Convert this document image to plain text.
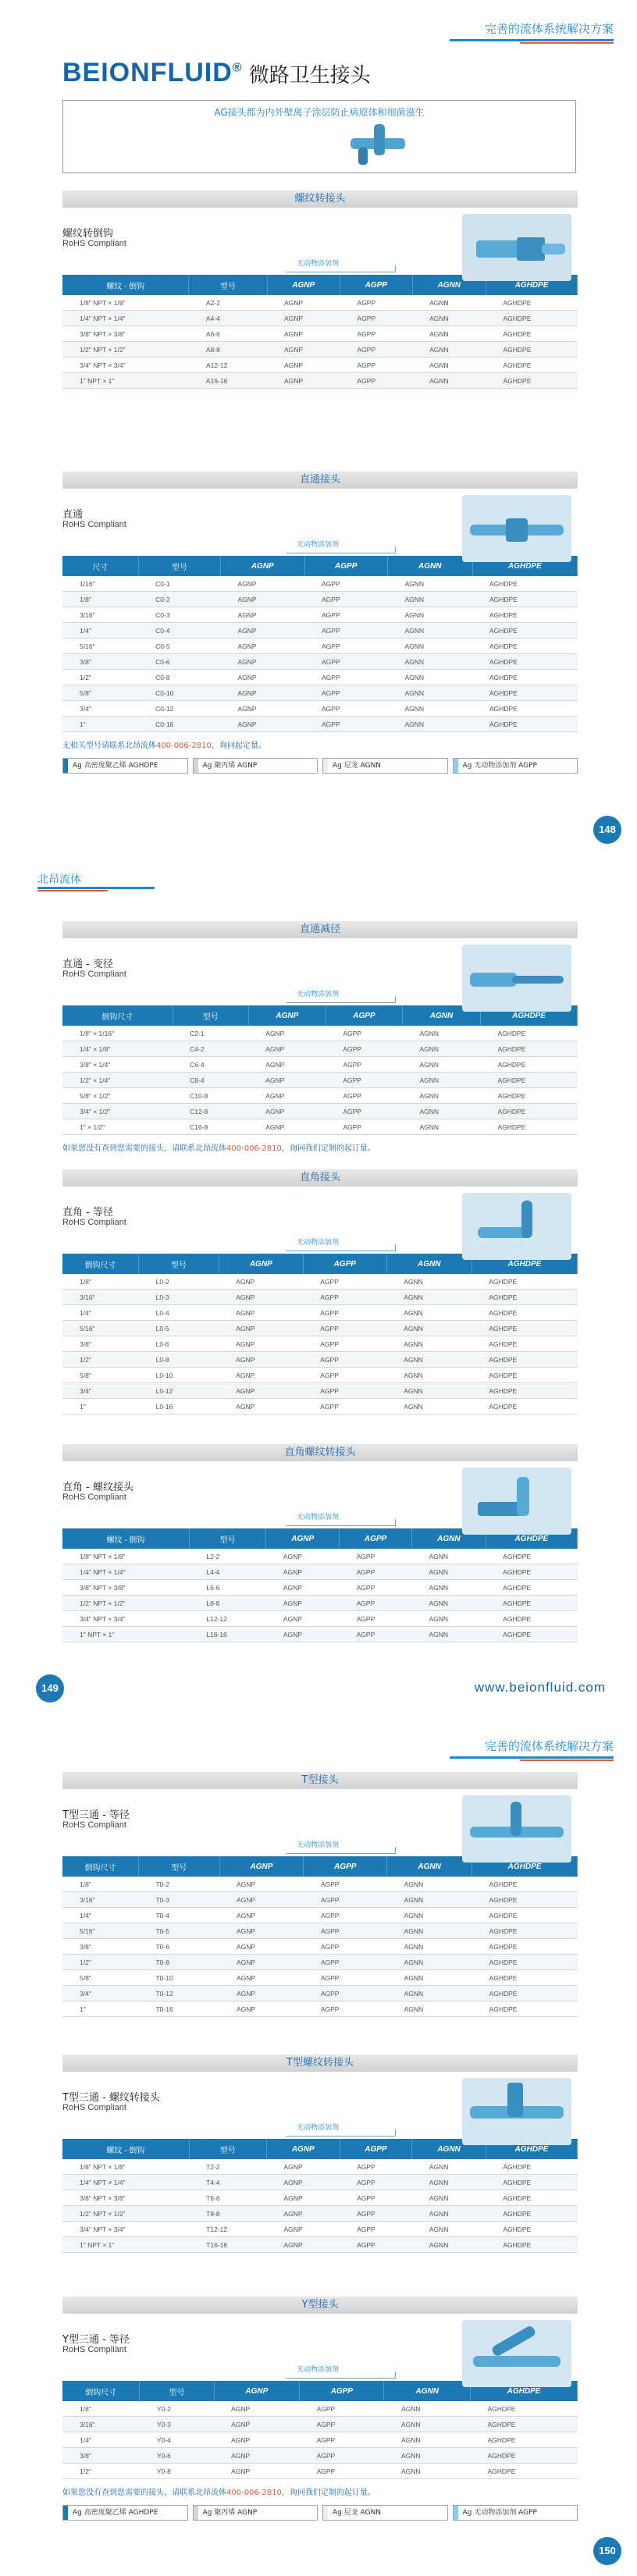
完善的流体系统解决方案
BEIONFLUID® 微路卫生接头
AG接头都为内外壁离子涂层防止病原体和细菌滋生
螺纹转接头
螺纹转倒钩
RoHS Compliant
无动物添加剂
螺纹 - 倒钩	型号	AGNP	AGPP	AGNN	AGHDPE
1/8" NPT × 1/8"	A2-2	AGNP	AGPP	AGNN	AGHDPE
1/4" NPT × 1/4"	A4-4	AGNP	AGPP	AGNN	AGHDPE
3/8" NPT × 3/8"	A6-6	AGNP	AGPP	AGNN	AGHDPE
1/2" NPT × 1/2"	A8-8	AGNP	AGPP	AGNN	AGHDPE
3/4" NPT × 3/4"	A12-12	AGNP	AGPP	AGNN	AGHDPE
1" NPT × 1"	A16-16	AGNP	AGPP	AGNN	AGHDPE
直通接头
直通
RoHS Compliant
无动物添加剂
尺寸	型号	AGNP	AGPP	AGNN	AGHDPE
1/16"	C0-1	AGNP	AGPP	AGNN	AGHDPE
1/8"	C0-2	AGNP	AGPP	AGNN	AGHDPE
3/16"	C0-3	AGNP	AGPP	AGNN	AGHDPE
1/4"	C0-4	AGNP	AGPP	AGNN	AGHDPE
5/16"	C0-5	AGNP	AGPP	AGNN	AGHDPE
3/8"	C0-6	AGNP	AGPP	AGNN	AGHDPE
1/2"	C0-8	AGNP	AGPP	AGNN	AGHDPE
5/8"	C0-10	AGNP	AGPP	AGNN	AGHDPE
3/4"	C0-12	AGNP	AGPP	AGNN	AGHDPE
1"	C0-16	AGNP	AGPP	AGNN	AGHDPE
无相关型号请联系北昂流体400-006-2810，询问起定量。
Ag 高密度聚乙烯 AGHDPE	Ag 聚丙烯 AGNP	Ag 尼龙 AGNN	Ag 无动物添加剂 AGPP
148
北昂流体
直通减径
直通 - 变径
RoHS Compliant
无动物添加剂
倒钩尺寸	型号	AGNP	AGPP	AGNN	AGHDPE
1/8" × 1/16"	C2-1	AGNP	AGPP	AGNN	AGHDPE
1/4" × 1/8"	C4-2	AGNP	AGPP	AGNN	AGHDPE
3/8" × 1/4"	C6-4	AGNP	AGPP	AGNN	AGHDPE
1/2" × 1/4"	C8-4	AGNP	AGPP	AGNN	AGHDPE
5/8" × 1/2"	C10-8	AGNP	AGPP	AGNN	AGHDPE
3/4" × 1/2"	C12-8	AGNP	AGPP	AGNN	AGHDPE
1" × 1/2"	C16-8	AGNP	AGPP	AGNN	AGHDPE
如果您没有查到您需要的接头，请联系北昂流体400-006-2810，询问我们定制的起订量。
直角接头
直角 - 等径
RoHS Compliant
无动物添加剂
倒钩尺寸	型号	AGNP	AGPP	AGNN	AGHDPE
1/8"	L0-2	AGNP	AGPP	AGNN	AGHDPE
3/16"	L0-3	AGNP	AGPP	AGNN	AGHDPE
1/4"	L0-4	AGNP	AGPP	AGNN	AGHDPE
5/16"	L0-5	AGNP	AGPP	AGNN	AGHDPE
3/8"	L0-6	AGNP	AGPP	AGNN	AGHDPE
1/2"	L0-8	AGNP	AGPP	AGNN	AGHDPE
5/8"	L0-10	AGNP	AGPP	AGNN	AGHDPE
3/4"	L0-12	AGNP	AGPP	AGNN	AGHDPE
1"	L0-16	AGNP	AGPP	AGNN	AGHDPE
直角螺纹转接头
直角 - 螺纹接头
RoHS Compliant
无动物添加剂
螺纹 - 倒钩	型号	AGNP	AGPP	AGNN	AGHDPE
1/8" NPT × 1/8"	L2-2	AGNP	AGPP	AGNN	AGHDPE
1/4" NPT × 1/4"	L4-4	AGNP	AGPP	AGNN	AGHDPE
3/8" NPT × 3/8"	L6-6	AGNP	AGPP	AGNN	AGHDPE
1/2" NPT × 1/2"	L8-8	AGNP	AGPP	AGNN	AGHDPE
3/4" NPT × 3/4"	L12-12	AGNP	AGPP	AGNN	AGHDPE
1" NPT × 1"	L16-16	AGNP	AGPP	AGNN	AGHDPE
149	www.beionfluid.com
完善的流体系统解决方案
T型接头
T型三通 - 等径
RoHS Compliant
无动物添加剂
倒钩尺寸	型号	AGNP	AGPP	AGNN	AGHDPE
1/8"	T0-2	AGNP	AGPP	AGNN	AGHDPE
3/16"	T0-3	AGNP	AGPP	AGNN	AGHDPE
1/4"	T0-4	AGNP	AGPP	AGNN	AGHDPE
5/16"	T0-5	AGNP	AGPP	AGNN	AGHDPE
3/8"	T0-6	AGNP	AGPP	AGNN	AGHDPE
1/2"	T0-8	AGNP	AGPP	AGNN	AGHDPE
5/8"	T0-10	AGNP	AGPP	AGNN	AGHDPE
3/4"	T0-12	AGNP	AGPP	AGNN	AGHDPE
1"	T0-16	AGNP	AGPP	AGNN	AGHDPE
T型螺纹转接头
T型三通 - 螺纹转接头
RoHS Compliant
无动物添加剂
螺纹 - 倒钩	型号	AGNP	AGPP	AGNN	AGHDPE
1/8" NPT × 1/8"	T2-2	AGNP	AGPP	AGNN	AGHDPE
1/4" NPT × 1/4"	T4-4	AGNP	AGPP	AGNN	AGHDPE
3/8" NPT × 3/8"	T6-6	AGNP	AGPP	AGNN	AGHDPE
1/2" NPT × 1/2"	T8-8	AGNP	AGPP	AGNN	AGHDPE
3/4" NPT × 3/4"	T12-12	AGNP	AGPP	AGNN	AGHDPE
1" NPT × 1"	T16-16	AGNP	AGPP	AGNN	AGHDPE
Y型接头
Y型三通 - 等径
RoHS Compliant
无动物添加剂
倒钩尺寸	型号	AGNP	AGPP	AGNN	AGHDPE
1/8"	Y0-2	AGNP	AGPP	AGNN	AGHDPE
3/16"	Y0-3	AGNP	AGPP	AGNN	AGHDPE
1/4"	Y0-4	AGNP	AGPP	AGNN	AGHDPE
3/8"	Y0-6	AGNP	AGPP	AGNN	AGHDPE
1/2"	Y0-8	AGNP	AGPP	AGNN	AGHDPE
如果您没有查到您需要的接头，请联系北昂流体400-006-2810，询问我们定制的起订量。
Ag 高密度聚乙烯 AGHDPE	Ag 聚丙烯 AGNP	Ag 尼龙 AGNN	Ag 无动物添加剂 AGPP
150
